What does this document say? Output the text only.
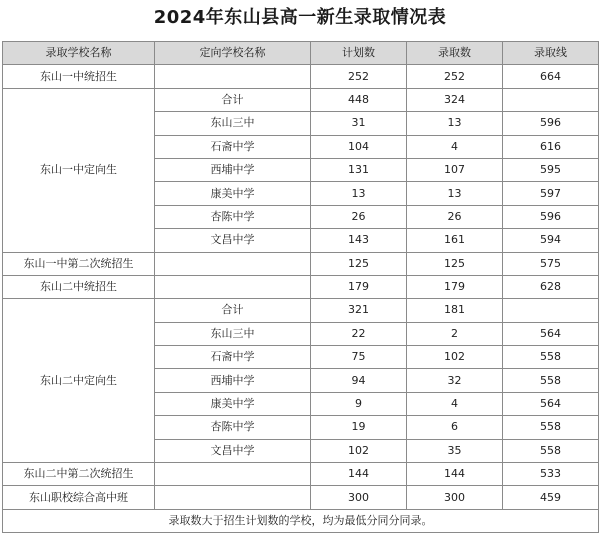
2024年东山县高一新生录取情况表
录取学校名称	定向学校名称	计划数	录取数	录取线
东山一中统招生		252	252	664
东山一中定向生	合计	448	324	
	东山三中	31	13	596
	石斋中学	104	4	616
	西埔中学	131	107	595
	康美中学	13	13	597
	杏陈中学	26	26	596
	文昌中学	143	161	594
东山一中第二次统招生		125	125	575
东山二中统招生		179	179	628
东山二中定向生	合计	321	181	
	东山三中	22	2	564
	石斋中学	75	102	558
	西埔中学	94	32	558
	康美中学	9	4	564
	杏陈中学	19	6	558
	文昌中学	102	35	558
东山二中第二次统招生		144	144	533
东山职校综合高中班		300	300	459
录取数大于招生计划数的学校，均为最低分同分同录。				
